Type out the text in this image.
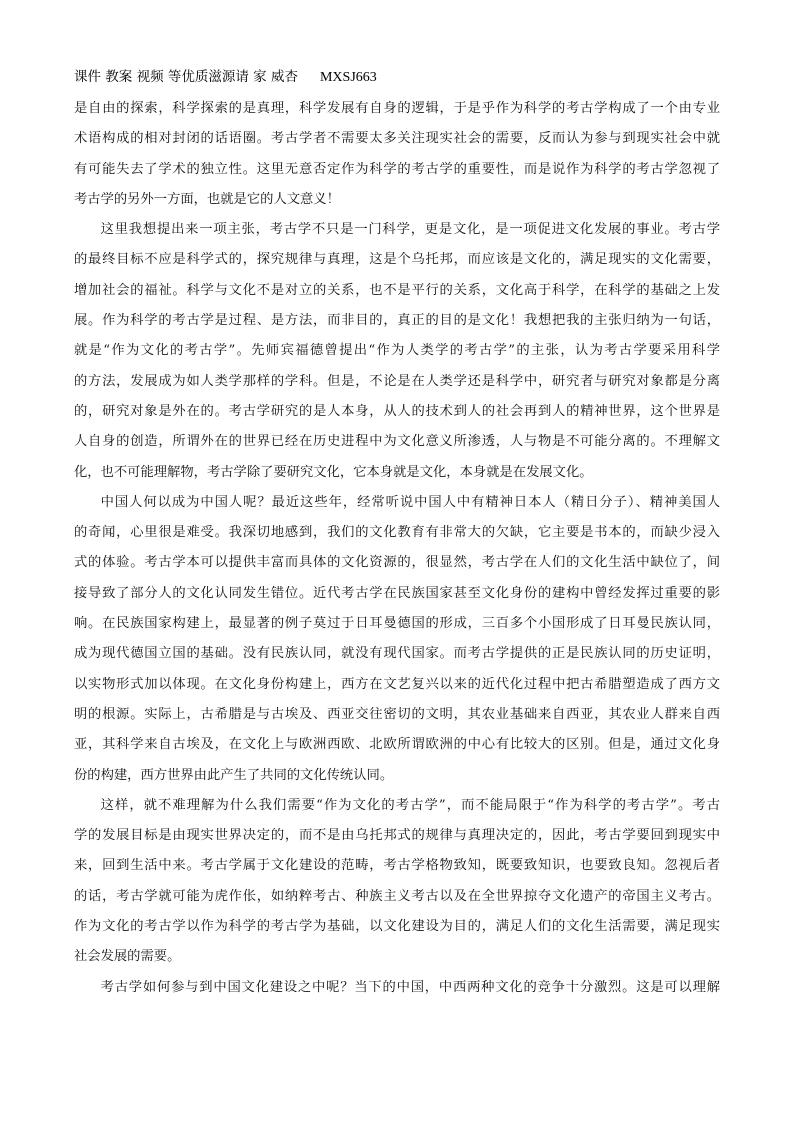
课件 教案 视频 等优质滋源请 家 威杏 MXSJ663
是自由的探索，科学探索的是真理，科学发展有自身的逻辑，于是乎作为科学的考古学构成了一个由专业
术语构成的相对封闭的话语圈。考古学者不需要太多关注现实社会的需要，反而认为参与到现实社会中就
有可能失去了学术的独立性。这里无意否定作为科学的考古学的重要性，而是说作为科学的考古学忽视了
考古学的另外一方面，也就是它的人文意义！
这里我想提出来一项主张，考古学不只是一门科学，更是文化，是一项促进文化发展的事业。考古学
的最终目标不应是科学式的，探究规律与真理，这是个乌托邦，而应该是文化的，满足现实的文化需要，
增加社会的福祉。科学与文化不是对立的关系，也不是平行的关系，文化高于科学，在科学的基础之上发
展。作为科学的考古学是过程、是方法，而非目的，真正的目的是文化！我想把我的主张归纳为一句话，
就是“作为文化的考古学”。先师宾福德曾提出“作为人类学的考古学”的主张，认为考古学要采用科学
的方法，发展成为如人类学那样的学科。但是，不论是在人类学还是科学中，研究者与研究对象都是分离
的，研究对象是外在的。考古学研究的是人本身，从人的技术到人的社会再到人的精神世界，这个世界是
人自身的创造，所谓外在的世界已经在历史进程中为文化意义所渗透，人与物是不可能分离的。不理解文
化，也不可能理解物，考古学除了要研究文化，它本身就是文化，本身就是在发展文化。
中国人何以成为中国人呢？最近这些年，经常听说中国人中有精神日本人（精日分子）、精神美国人
的奇闻，心里很是难受。我深切地感到，我们的文化教育有非常大的欠缺，它主要是书本的，而缺少浸入
式的体验。考古学本可以提供丰富而具体的文化资源的，很显然，考古学在人们的文化生活中缺位了，间
接导致了部分人的文化认同发生错位。近代考古学在民族国家甚至文化身份的建构中曾经发挥过重要的影
响。在民族国家构建上，最显著的例子莫过于日耳曼德国的形成，三百多个小国形成了日耳曼民族认同，
成为现代德国立国的基础。没有民族认同，就没有现代国家。而考古学提供的正是民族认同的历史证明，
以实物形式加以体现。在文化身份构建上，西方在文艺复兴以来的近代化过程中把古希腊塑造成了西方文
明的根源。实际上，古希腊是与古埃及、西亚交往密切的文明，其农业基础来自西亚，其农业人群来自西
亚，其科学来自古埃及，在文化上与欧洲西欧、北欧所谓欧洲的中心有比较大的区别。但是，通过文化身
份的构建，西方世界由此产生了共同的文化传统认同。
这样，就不难理解为什么我们需要“作为文化的考古学”，而不能局限于“作为科学的考古学”。考古
学的发展目标是由现实世界决定的，而不是由乌托邦式的规律与真理决定的，因此，考古学要回到现实中
来，回到生活中来。考古学属于文化建设的范畴，考古学格物致知，既要致知识，也要致良知。忽视后者
的话，考古学就可能为虎作伥，如纳粹考古、种族主义考古以及在全世界掠夺文化遗产的帝国主义考古。
作为文化的考古学以作为科学的考古学为基础，以文化建设为目的，满足人们的文化生活需要，满足现实
社会发展的需要。
考古学如何参与到中国文化建设之中呢？当下的中国，中西两种文化的竞争十分激烈。这是可以理解
